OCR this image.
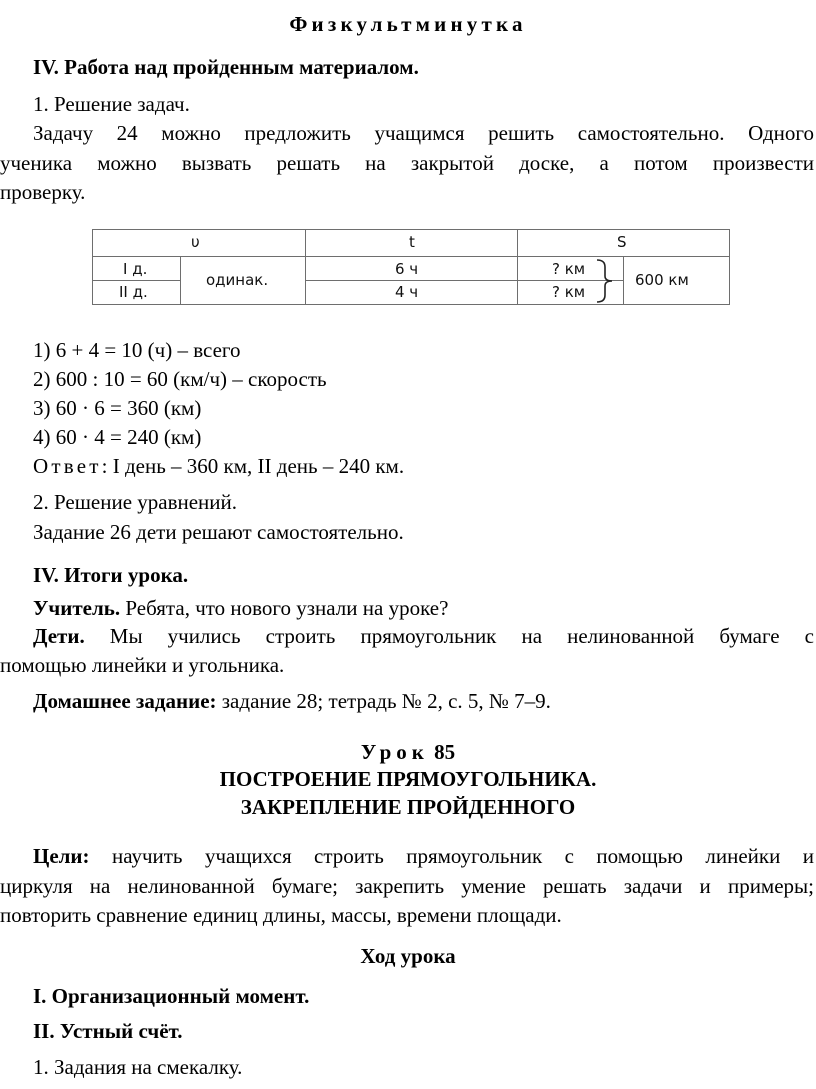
Физкультминутка
IV. Работа над пройденным материалом.
1. Решение задач.
Задачу 24 можно предложить учащимся решить самостоятельно. Одного
ученика можно вызвать решать на закрытой доске, а потом произвести
проверку.
υ	t	S
I д.
II д.
одинак.
6 ч
4 ч
? км
? км
600 км
1) 6 + 4 = 10 (ч) – всего
2) 600 : 10 = 60 (км/ч) – скорость
3) 60 · 6 = 360 (км)
4) 60 · 4 = 240 (км)
Ответ: I день – 360 км, II день – 240 км.
2. Решение уравнений.
Задание 26 дети решают самостоятельно.
IV. Итоги урока.
Учитель. Ребята, что нового узнали на уроке?
Дети. Мы учились строить прямоугольник на нелинованной бумаге с
помощью линейки и угольника.
Домашнее задание: задание 28; тетрадь № 2, с. 5, № 7–9.
Урок 85
ПОСТРОЕНИЕ ПРЯМОУГОЛЬНИКА.
ЗАКРЕПЛЕНИЕ ПРОЙДЕННОГО
Цели: научить учащихся строить прямоугольник с помощью линейки и
циркуля на нелинованной бумаге; закрепить умение решать задачи и примеры;
повторить сравнение единиц длины, массы, времени площади.
Ход урока
I. Организационный момент.
II. Устный счёт.
1. Задания на смекалку.
